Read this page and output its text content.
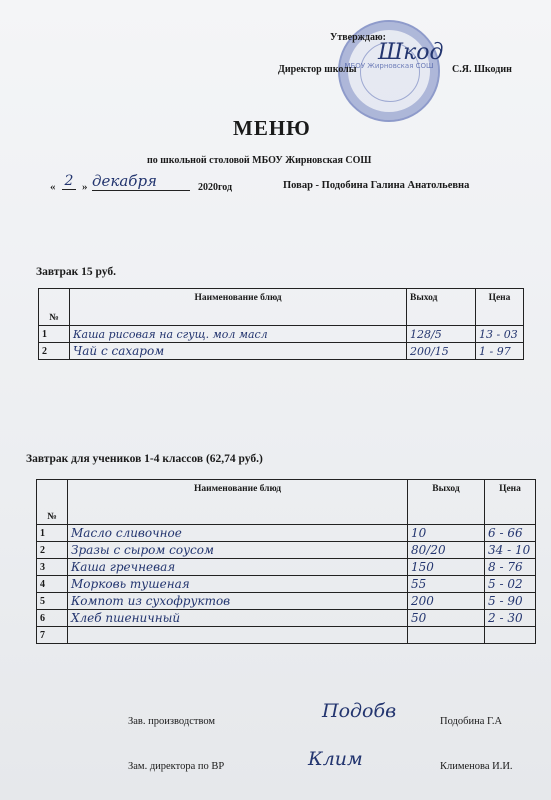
МБОУ Жирновская СОШ
Утверждаю:
Директор школы
Шкод
С.Я. Шкодин
МЕНЮ
по школьной столовой МБОУ Жирновская СОШ
« 2 » декабря	2020год	Повар - Подобина Галина Анатольевна
Завтрак 15 руб.
№	Наименование блюд	Выход	Цена
1	Каша рисовая на сгущ. мол масл	128/5	13 - 03
2	Чай с сахаром	200/15	1 - 97
Завтрак для учеников 1-4 классов (62,74 руб.)
№	Наименование блюд	Выход	Цена
1	Масло сливочное	10	6 - 66
2	Зразы с сыром соусом	80/20	34 - 10
3	Каша гречневая	150	8 - 76
4	Морковь тушеная	55	5 - 02
5	Компот из сухофруктов	200	5 - 90
6	Хлеб пшеничный	50	2 - 30
7			
Зав. производством	Подобв	Подобина Г.А
Зам. директора по ВР	Клим	Клименова И.И.
